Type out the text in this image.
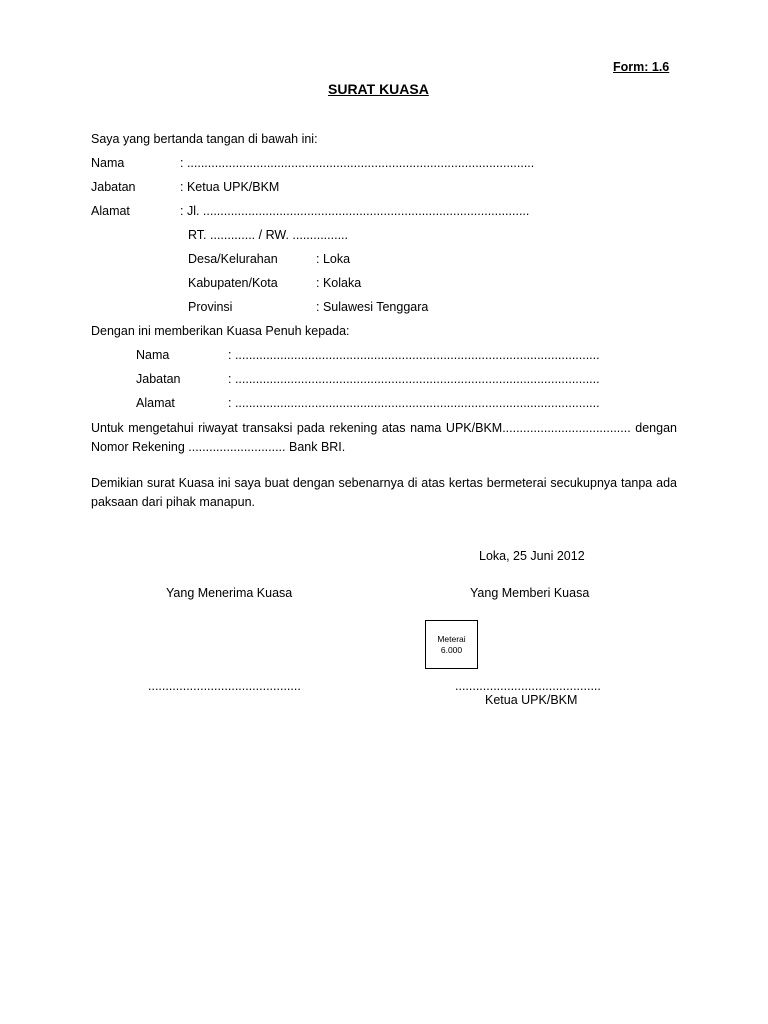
Form: 1.6
SURAT KUASA
Saya yang bertanda tangan di bawah ini:
Nama	: ....................................................................................................
Jabatan	: Ketua UPK/BKM
Alamat	: Jl. ..............................................................................................
RT. ............. / RW. ................
Desa/Kelurahan	: Loka
Kabupaten/Kota	: Kolaka
Provinsi	: Sulawesi Tenggara
Dengan ini memberikan Kuasa Penuh kepada:
Nama	: .........................................................................................................
Jabatan	: .........................................................................................................
Alamat	: .........................................................................................................
Untuk mengetahui riwayat transaksi pada rekening atas nama UPK/BKM..................................... dengan Nomor Rekening ............................ Bank BRI.
Demikian surat Kuasa ini saya buat dengan sebenarnya di atas kertas bermeterai secukupnya tanpa ada paksaan dari pihak manapun.
Loka, 25 Juni 2012
Yang Menerima Kuasa	Yang Memberi Kuasa
Meterai
6.000
............................................	..........................................
Ketua UPK/BKM
